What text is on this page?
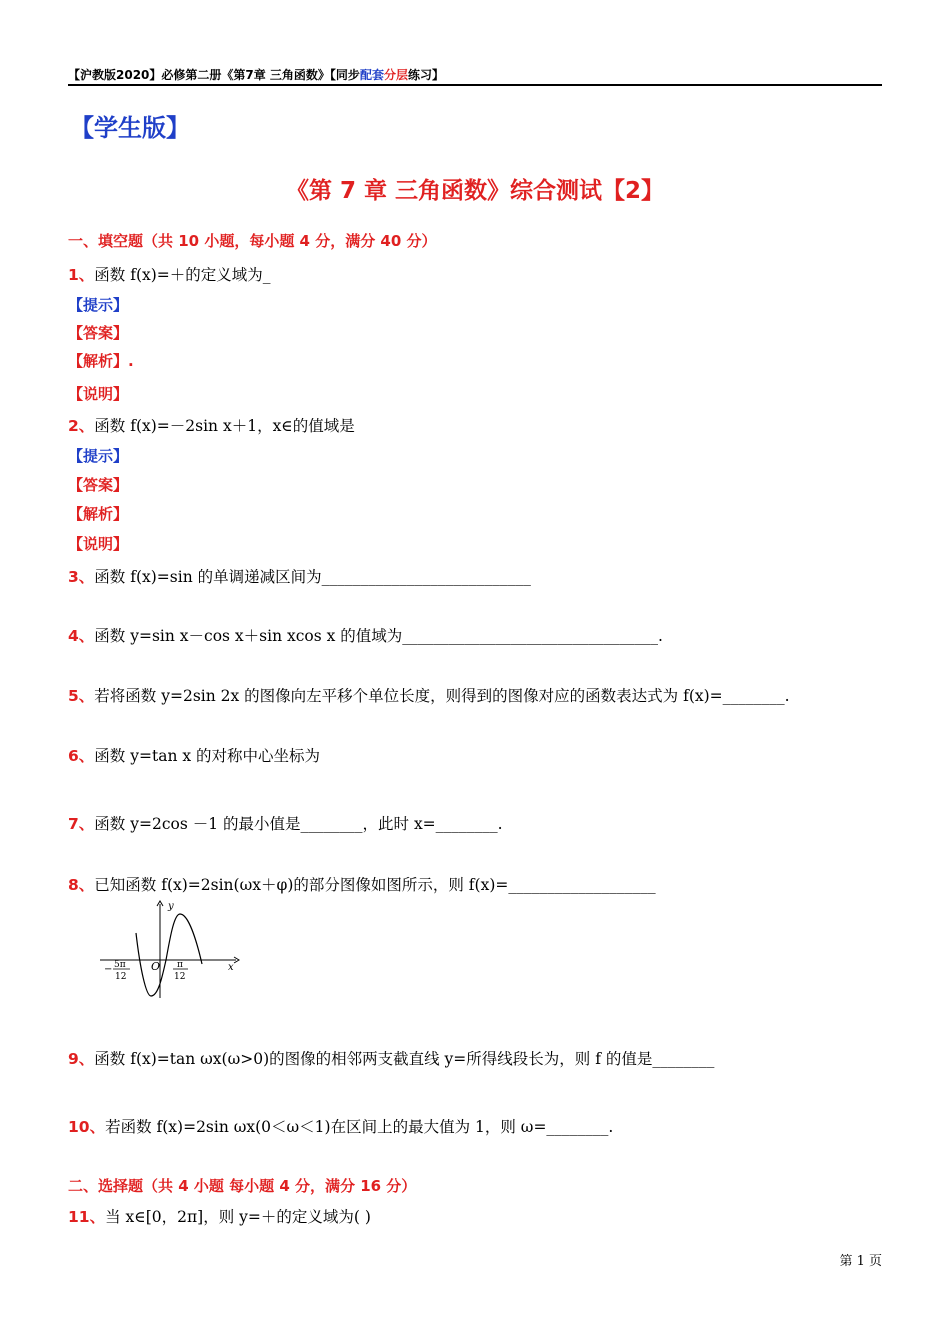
【沪教版2020】必修第二册《第7章 三角函数》【同步配套分层练习】
【学生版】
《第 7 章 三角函数》综合测试【2】
一、填空题（共 10 小题，每小题 4 分，满分 40 分）
1、函数 f(x)=＋的定义域为_
【提示】
【答案】
【解析】.
【说明】
2、函数 f(x)=－2sin x＋1，x∈的值域是
【提示】
【答案】
【解析】
【说明】
3、函数 f(x)=sin 的单调递减区间为___________________________
4、函数 y=sin x－cos x＋sin xcos x 的值域为_________________________________.
5、若将函数 y=2sin 2x 的图像向左平移个单位长度，则得到的图像对应的函数表达式为 f(x)=________.
6、函数 y=tan x 的对称中心坐标为
7、函数 y=2cos －1 的最小值是________，此时 x=________.
8、已知函数 f(x)=2sin(ωx＋φ)的部分图像如图所示，则 f(x)=___________________
y
x
O
− 5π
12
π
12
9、函数 f(x)=tan ωx(ω>0)的图像的相邻两支截直线 y=所得线段长为，则 f 的值是________
10、若函数 f(x)=2sin ωx(0＜ω＜1)在区间上的最大值为 1，则 ω=________.
二、选择题（共 4 小题 每小题 4 分，满分 16 分）
11、当 x∈[0，2π]，则 y=＋的定义域为( )
第 1 页
